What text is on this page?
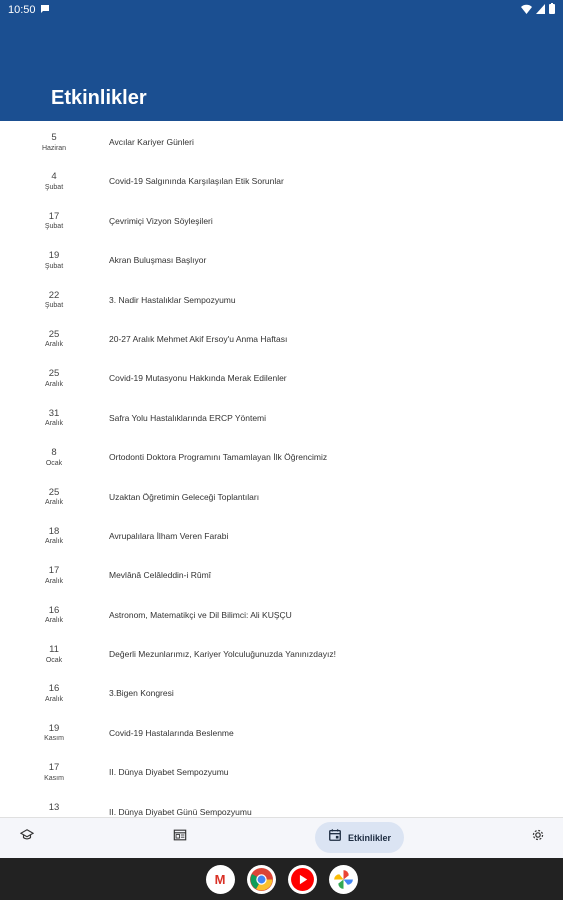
10:50
Etkinlikler
5
Haziran
Avcılar Kariyer Günleri
4
Şubat
Covid-19 Salgınında Karşılaşılan Etik Sorunlar
17
Şubat
Çevrimiçi Vizyon Söyleşileri
19
Şubat
Akran Buluşması Başlıyor
22
Şubat
3. Nadir Hastalıklar Sempozyumu
25
Aralık
20-27 Aralık Mehmet Akif Ersoy'u Anma Haftası
25
Aralık
Covid-19 Mutasyonu Hakkında Merak Edilenler
31
Aralık
Safra Yolu Hastalıklarında ERCP Yöntemi
8
Ocak
Ortodonti Doktora Programını Tamamlayan İlk Öğrencimiz
25
Aralık
Uzaktan Öğretimin Geleceği Toplantıları
18
Aralık
Avrupalılara İlham Veren Farabi
17
Aralık
Mevlânâ Celâleddin-i Rûmî
16
Aralık
Astronom, Matematikçi ve Dil Bilimci: Ali KUŞÇU
11
Ocak
Değerli Mezunlarımız, Kariyer Yolculuğunuzda Yanınızdayız!
16
Aralık
3.Bigen Kongresi
19
Kasım
Covid-19 Hastalarında Beslenme
17
Kasım
II. Dünya Diyabet Sempozyumu
13	II. Dünya Diyabet Günü Sempozyumu
Etkinlikler
M
